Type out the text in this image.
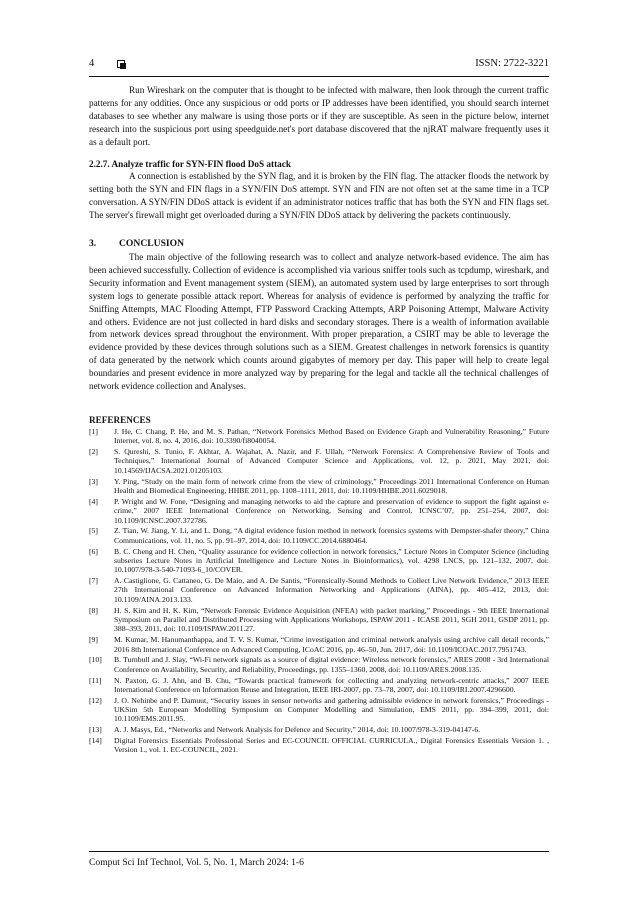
4	ISSN: 2722-3221

Run Wireshark on the computer that is thought to be infected with malware, then look through the current traffic patterns for any oddities. Once any suspicious or odd ports or IP addresses have been identified, you should search internet databases to see whether any malware is using those ports or if they are susceptible. As seen in the picture below, internet research into the suspicious port using speedguide.net's port database discovered that the njRAT malware frequently uses it as a default port.

2.2.7. Analyze traffic for SYN-FIN flood DoS attack

A connection is established by the SYN flag, and it is broken by the FIN flag. The attacker floods the network by setting both the SYN and FIN flags in a SYN/FIN DoS attempt. SYN and FIN are not often set at the same time in a TCP conversation. A SYN/FIN DDoS attack is evident if an administrator notices traffic that has both the SYN and FIN flags set. The server's firewall might get overloaded during a SYN/FIN DDoS attack by delivering the packets continuously.

3. CONCLUSION

The main objective of the following research was to collect and analyze network-based evidence. The aim has been achieved successfully. Collection of evidence is accomplished via various sniffer tools such as tcpdump, wireshark, and Security information and Event management system (SIEM), an automated system used by large enterprises to sort through system logs to generate possible attack report. Whereas for analysis of evidence is performed by analyzing the traffic for Sniffing Attempts, MAC Flooding Attempt, FTP Password Cracking Attempts, ARP Poisoning Attempt, Malware Activity and others. Evidence are not just collected in hard disks and secondary storages. There is a wealth of information available from network devices spread throughout the environment. With proper preparation, a CSIRT may be able to leverage the evidence provided by these devices through solutions such as a SIEM. Greatest challenges in network forensics is quantity of data generated by the network which counts around gigabytes of memory per day. This paper will help to create legal boundaries and present evidence in more analyzed way by preparing for the legal and tackle all the technical challenges of network evidence collection and Analyses.

REFERENCES
[1]	J. He, C. Chang, P. He, and M. S. Pathan, “Network Forensics Method Based on Evidence Graph and Vulnerability Reasoning,” Future Internet, vol. 8, no. 4, 2016, doi: 10.3390/fi8040054.
[2]	S. Qureshi, S. Tunio, F. Akhtar, A. Wajahat, A. Nazir, and F. Ullah, “Network Forensics: A Comprehensive Review of Tools and Techniques,” International Journal of Advanced Computer Science and Applications, vol. 12, p. 2021, May 2021, doi: 10.14569/IJACSA.2021.01205103.
[3]	Y. Ping, “Study on the main form of network crime from the view of criminology,” Proceedings 2011 International Conference on Human Health and Biomedical Engineering, HHBE 2011, pp. 1108–1111, 2011, doi: 10.1109/HHBE.2011.6029018.
[4]	P. Wright and W. Fone, “Designing and managing networks to aid the capture and preservation of evidence to support the fight against e-crime,” 2007 IEEE International Conference on Networking, Sensing and Control, ICNSC’07, pp. 251–254, 2007, doi: 10.1109/ICNSC.2007.372786.
[5]	Z. Tian, W. Jiang, Y. Li, and L. Dong, “A digital evidence fusion method in network forensics systems with Dempster-shafer theory,” China Communications, vol. 11, no. 5, pp. 91–97, 2014, doi: 10.1109/CC.2014.6880464.
[6]	B. C. Cheng and H. Chen, “Quality assurance for evidence collection in network forensics,” Lecture Notes in Computer Science (including subseries Lecture Notes in Artificial Intelligence and Lecture Notes in Bioinformatics), vol. 4298 LNCS, pp. 121–132, 2007, doi: 10.1007/978-3-540-71093-6_10/COVER.
[7]	A. Castiglione, G. Cattaneo, G. De Maio, and A. De Santis, “Forensically-Sound Methods to Collect Live Network Evidence,” 2013 IEEE 27th International Conference on Advanced Information Networking and Applications (AINA), pp. 405–412, 2013, doi: 10.1109/AINA.2013.133.
[8]	H. S. Kim and H. K. Kim, “Network Forensic Evidence Acquisition (NFEA) with packet marking,” Proceedings - 9th IEEE International Symposium on Parallel and Distributed Processing with Applications Workshops, ISPAW 2011 - ICASE 2011, SGH 2011, GSDP 2011, pp. 388–393, 2011, doi: 10.1109/ISPAW.2011.27.
[9]	M. Kumar, M. Hanumanthappa, and T. V. S. Kumar, “Crime investigation and criminal network analysis using archive call detail records,” 2016 8th International Conference on Advanced Computing, ICoAC 2016, pp. 46–50, Jun. 2017, doi: 10.1109/ICOAC.2017.7951743.
[10]	B. Turnbull and J. Slay, “Wi-Fi network signals as a source of digital evidence: Wireless network forensics,” ARES 2008 - 3rd International Conference on Availability, Security, and Reliability, Proceedings, pp. 1355–1360, 2008, doi: 10.1109/ARES.2008.135.
[11]	N. Paxton, G. J. Ahn, and B. Chu, “Towards practical framework for collecting and analyzing network-centric attacks,” 2007 IEEE International Conference on Information Reuse and Integration, IEEE IRI-2007, pp. 73–78, 2007, doi: 10.1109/IRI.2007.4296600.
[12]	J. O. Nehinbe and P. Damuut, “Security issues in sensor networks and gathering admissible evidence in network forensics,” Proceedings - UKSim 5th European Modelling Symposium on Computer Modelling and Simulation, EMS 2011, pp. 394–399, 2011, doi: 10.1109/EMS.2011.95.
[13]	A. J. Masys, Ed., “Networks and Network Analysis for Defence and Security,” 2014, doi: 10.1007/978-3-319-04147-6.
[14]	Digital Forensics Essentials Professional Series and EC-COUNCIL OFFICIAL CURRICULA., Digital Forensics Essentials Version 1. , Version 1., vol. 1. EC-COUNCIL, 2021.
Comput Sci Inf Technol, Vol. 5, No. 1, March 2024: 1-6
